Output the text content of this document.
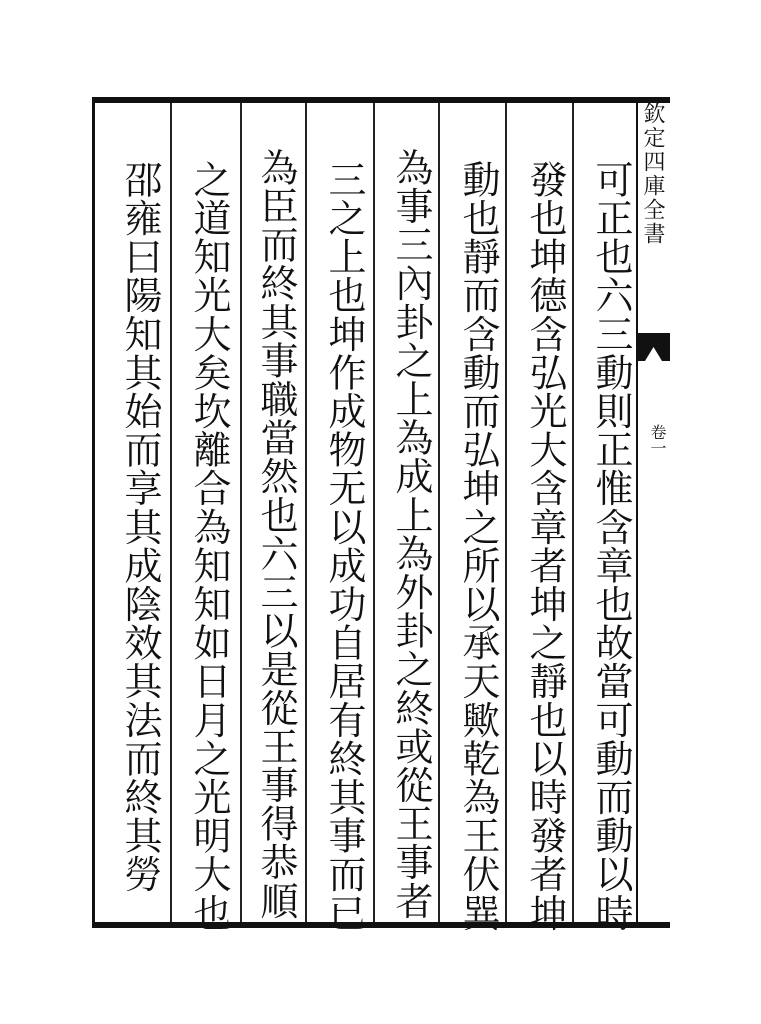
欽定四庫全書
卷一
可正也六三動則正惟含章也故當可動而動以時
發也坤德含弘光大含章者坤之靜也以時發者坤
動也靜而含動而弘坤之所以承天歟乾為王伏巽
為事三內卦之上為成上為外卦之終或從王事者
三之上也坤作成物无以成功自居有終其事而已
為臣而終其事職當然也六三以是從王事得恭順
之道知光大矣坎離合為知知如日月之光明大也
邵雍曰陽知其始而享其成陰效其法而終其勞
